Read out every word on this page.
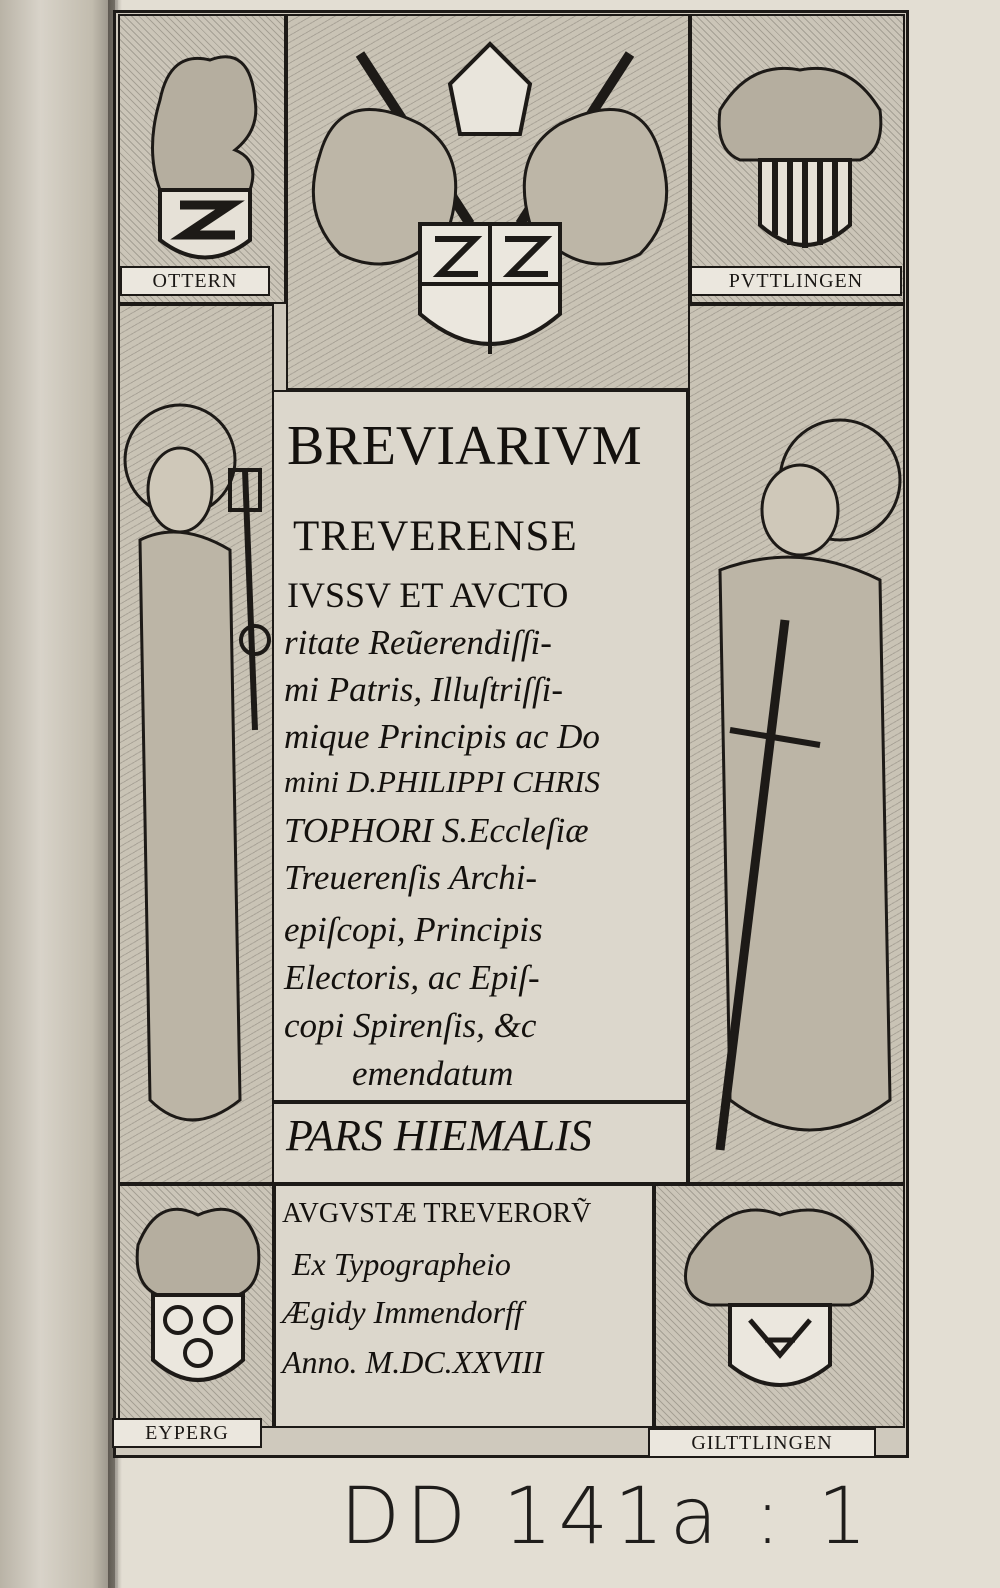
OTTERN	PVTTLINGEN
BREVIARIVM
TREVERENSE
IVSSV ET AVCTO
ritate Reũerendiſſi-
mi Patris, Illuſtriſſi-
mique Principis ac Do
mini D.PHILIPPI CHRIS
TOPHORI S.Eccleſiæ
Treuerenſis Archi-
epiſcopi, Principis
Electoris, ac Epiſ-
copi Spirenſis, &c
emendatum
PARS HIEMALIS
AVGVSTÆ TREVERORṼ
Ex Typographeio
Ægidy Immendorff
Anno. M.DC.XXVIII
EYPERG	GILTTLINGEN
DD 141a : 1
